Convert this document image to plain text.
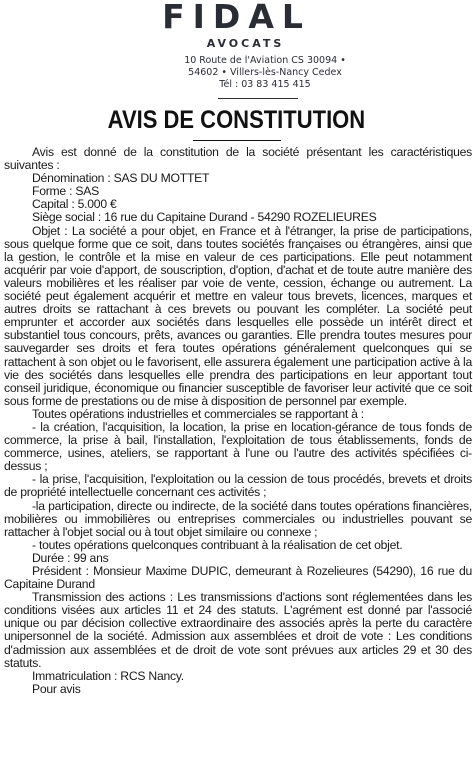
FIDAL
AVOCATS
10 Route de l'Aviation CS 30094 •
54602 • Villers-lès-Nancy Cedex
Tél : 03 83 415 415
AVIS DE CONSTITUTION

Avis est donné de la constitution de la société présentant les caractéristiques suivantes :

Dénomination : SAS DU MOTTET

Forme : SAS

Capital : 5.000 €

Siège social : 16 rue du Capitaine Durand - 54290 ROZELIEURES

Objet : La société a pour objet, en France et à l'étranger, la prise de participations, sous quelque forme que ce soit, dans toutes sociétés françaises ou étrangères, ainsi que la gestion, le contrôle et la mise en valeur de ces participations. Elle peut notamment acquérir par voie d'apport, de souscription, d'option, d'achat et de toute autre manière des valeurs mobilières et les réaliser par voie de vente, cession, échange ou autrement. La société peut également acquérir et mettre en valeur tous brevets, licences, marques et autres droits se rattachant à ces brevets ou pouvant les compléter. La société peut emprunter et accorder aux sociétés dans lesquelles elle possède un intérêt direct et substantiel tous concours, prêts, avances ou garanties. Elle prendra toutes mesures pour sauvegarder ses droits et fera toutes opérations généralement quelconques qui se rattachent à son objet ou le favorisent, elle assurera également une participation active à la vie des sociétés dans lesquelles elle prendra des participations en leur apportant tout conseil juridique, économique ou financier susceptible de favoriser leur activité que ce soit sous forme de prestations ou de mise à disposition de personnel par exemple.

Toutes opérations industrielles et commerciales se rapportant à :

- la création, l'acquisition, la location, la prise en location-gérance de tous fonds de commerce, la prise à bail, l'installation, l'exploitation de tous établissements, fonds de commerce, usines, ateliers, se rapportant à l'une ou l'autre des activités spécifiées ci-dessus ;

- la prise, l'acquisition, l'exploitation ou la cession de tous procédés, brevets et droits de propriété intellectuelle concernant ces activités ;

-la participation, directe ou indirecte, de la société dans toutes opérations financières, mobilières ou immobilières ou entreprises commerciales ou industrielles pouvant se rattacher à l'objet social ou à tout objet similaire ou connexe ;

- toutes opérations quelconques contribuant à la réalisation de cet objet.

Durée : 99 ans

Président : Monsieur Maxime DUPIC, demeurant à Rozelieures (54290), 16 rue du Capitaine Durand

Transmission des actions : Les transmissions d'actions sont réglementées dans les conditions visées aux articles 11 et 24 des statuts. L'agrément est donné par l'associé unique ou par décision collective extraordinaire des associés après la perte du caractère unipersonnel de la société. Admission aux assemblées et droit de vote : Les conditions d'admission aux assemblées et de droit de vote sont prévues aux articles 29 et 30 des statuts.

Immatriculation : RCS Nancy.

Pour avis
